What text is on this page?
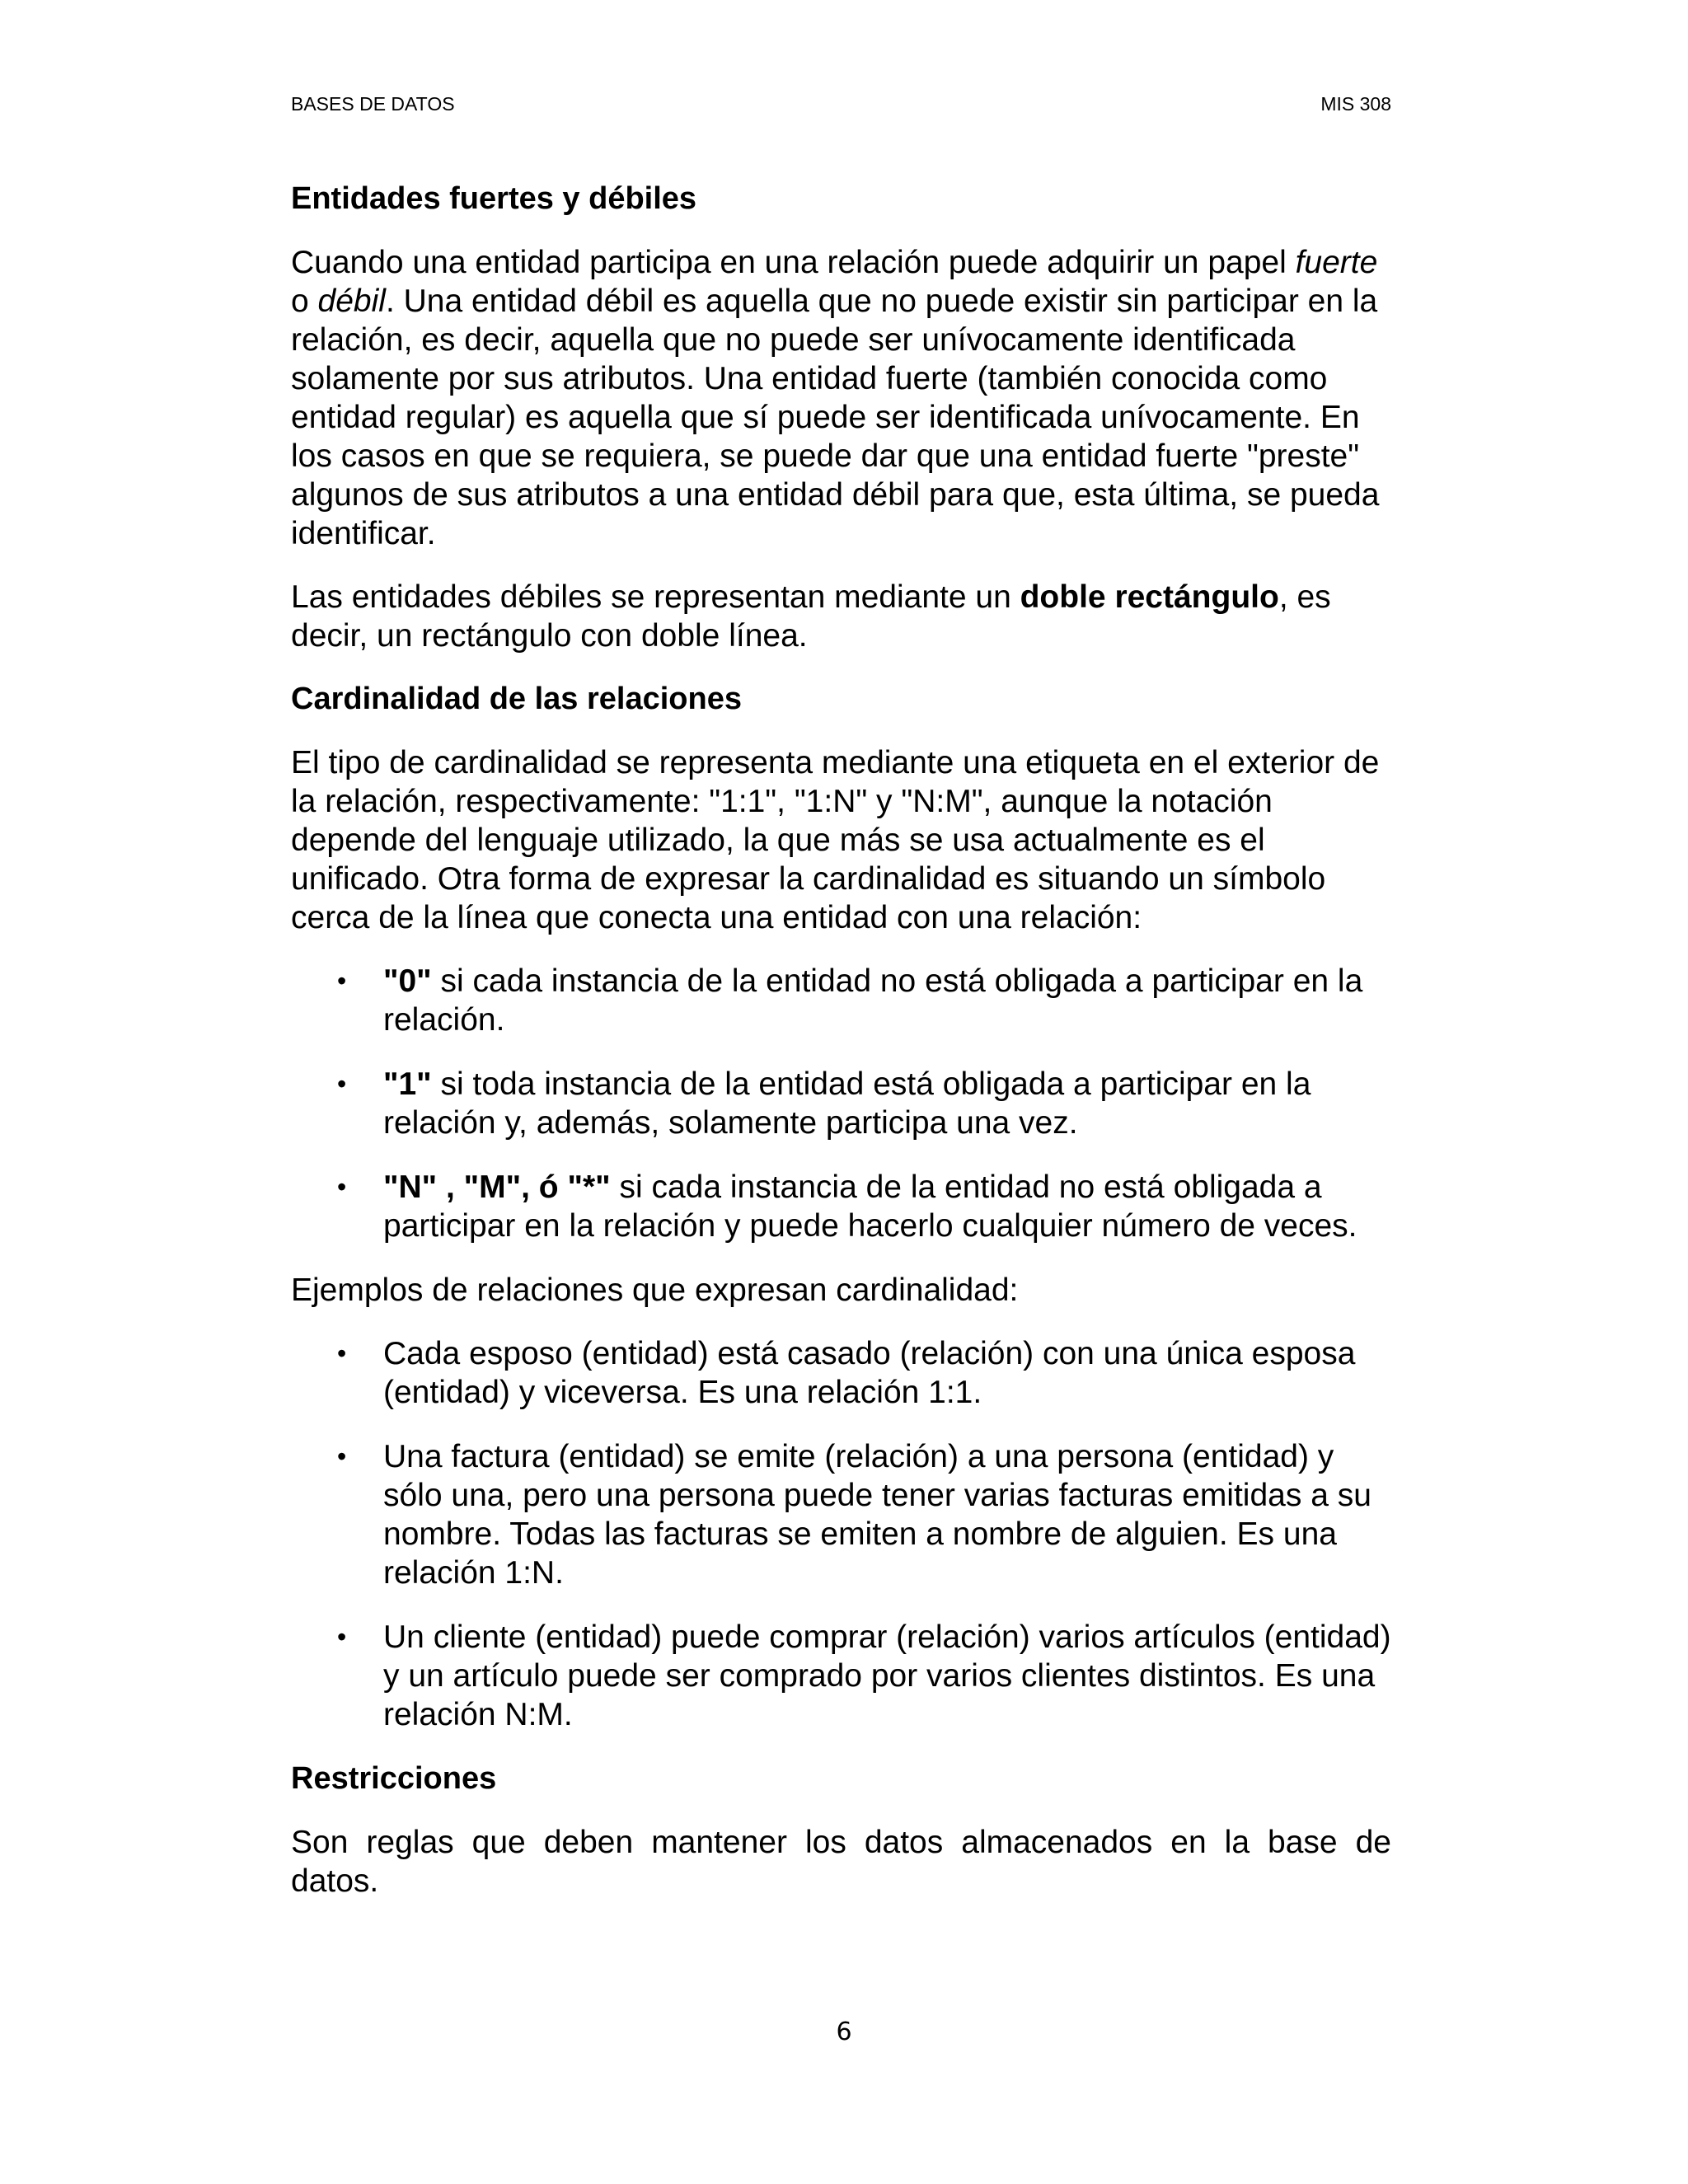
BASES DE DATOS	MIS 308
Entidades fuertes y débiles

Cuando una entidad participa en una relación puede adquirir un papel fuerte o débil. Una entidad débil es aquella que no puede existir sin participar en la relación, es decir, aquella que no puede ser unívocamente identificada solamente por sus atributos. Una entidad fuerte (también conocida como entidad regular) es aquella que sí puede ser identificada unívocamente. En los casos en que se requiera, se puede dar que una entidad fuerte "preste" algunos de sus atributos a una entidad débil para que, esta última, se pueda identificar.

Las entidades débiles se representan mediante un doble rectángulo, es decir, un rectángulo con doble línea.

Cardinalidad de las relaciones

El tipo de cardinalidad se representa mediante una etiqueta en el exterior de la relación, respectivamente: "1:1", "1:N" y "N:M", aunque la notación depende del lenguaje utilizado, la que más se usa actualmente es el unificado. Otra forma de expresar la cardinalidad es situando un símbolo cerca de la línea que conecta una entidad con una relación:

• "0" si cada instancia de la entidad no está obligada a participar en la relación.
• "1" si toda instancia de la entidad está obligada a participar en la relación y, además, solamente participa una vez.
• "N" , "M", ó "*" si cada instancia de la entidad no está obligada a participar en la relación y puede hacerlo cualquier número de veces.

Ejemplos de relaciones que expresan cardinalidad:

• Cada esposo (entidad) está casado (relación) con una única esposa (entidad) y viceversa. Es una relación 1:1.
• Una factura (entidad) se emite (relación) a una persona (entidad) y sólo una, pero una persona puede tener varias facturas emitidas a su nombre. Todas las facturas se emiten a nombre de alguien. Es una relación 1:N.
• Un cliente (entidad) puede comprar (relación) varios artículos (entidad) y un artículo puede ser comprado por varios clientes distintos. Es una relación N:M.
Restricciones
Son reglas que deben mantener los datos almacenados en la base de
datos.
6
